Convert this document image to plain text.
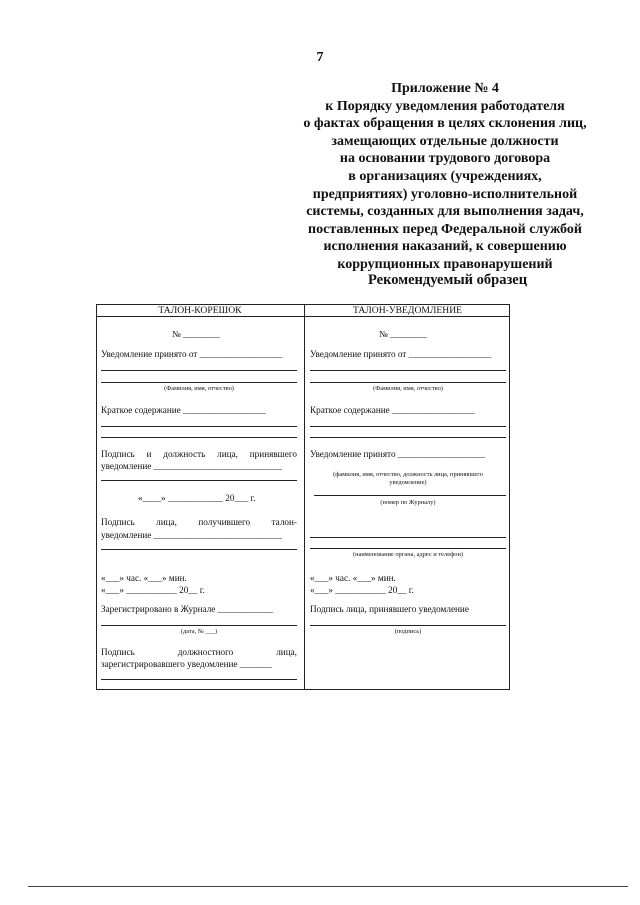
7
Приложение № 4
к Порядку уведомления работодателя
о фактах обращения в целях склонения лиц,
замещающих отдельные должности
на основании трудового договора
в организациях (учреждениях,
предприятиях) уголовно-исполнительной
системы, созданных для выполнения задач,
поставленных перед Федеральной службой
исполнения наказаний, к совершению
коррупционных правонарушений
Рекомендуемый образец
ТАЛОН-КОРЕШОК
№ ________
Уведомление принято от __________________
(Фамилия, имя, отчество)
Краткое содержание __________________
Подпись и должность лица, принявшего
уведомление ____________________________
«____» ____________ 20___ г.
Подпись лица, получившего талон-
уведомление ____________________________
«___» час. «___» мин.
«___» ___________ 20__ г.
Зарегистрировано в Журнале ____________
(дата, № ___)
Подпись	должностного	лица,
зарегистрировавшего уведомление _______
ТАЛОН-УВЕДОМЛЕНИЕ
№ ________
Уведомление принято от __________________
(Фамилия, имя, отчество)
Краткое содержание __________________
Уведомление принято ___________________
(фамилия, имя, отчество, должность лица, принявшего
уведомление)
(номер по Журналу)
(наименование органа, адрес и телефон)
«___» час. «___» мин.
«___» ___________ 20__ г.
Подпись лица, принявшего уведомление
(подпись)
